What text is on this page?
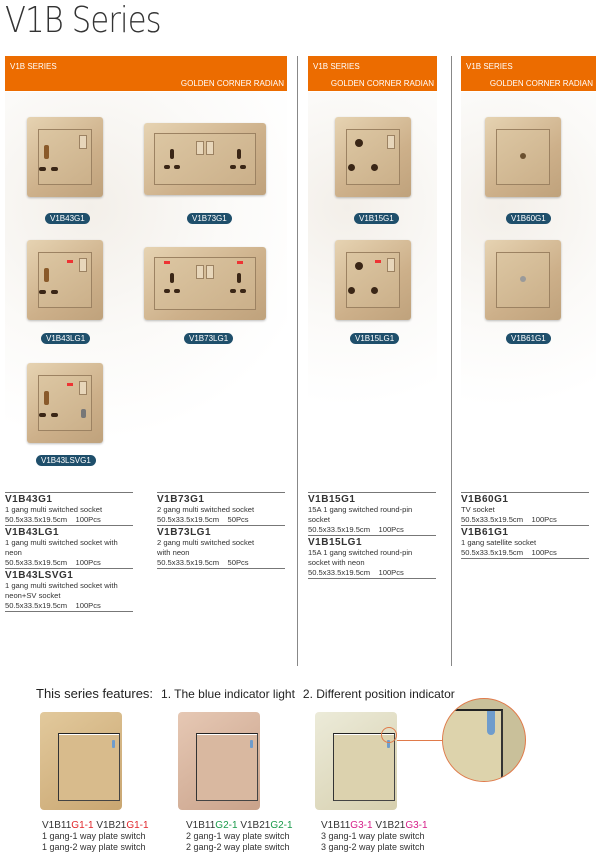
V1B Series
V1B SERIES
GOLDEN CORNER RADIAN
V1B SERIES
GOLDEN CORNER RADIAN
V1B SERIES
GOLDEN CORNER RADIAN
V1B43G1	V1B73G1
V1B43LG1	V1B73LG1
V1B43LSVG1
V1B15G1
V1B15LG1
V1B60G1
V1B61G1
V1B43G1
1 gang multi switched socket
50.5x33.5x19.5cm    100Pcs
V1B43LG1
1 gang multi switched socket with neon
50.5x33.5x19.5cm    100Pcs
V1B43LSVG1
1 gang multi switched socket with neon+SV socket
50.5x33.5x19.5cm    100Pcs
V1B73G1
2 gang multi switched socket
50.5x33.5x19.5cm    50Pcs
V1B73LG1
2 gang multi switched socket with neon
50.5x33.5x19.5cm    50Pcs
V1B15G1
15A 1 gang switched round-pin socket
50.5x33.5x19.5cm    100Pcs
V1B15LG1
15A 1 gang switched round-pin socket with neon
50.5x33.5x19.5cm    100Pcs
V1B60G1
TV socket
50.5x33.5x19.5cm    100Pcs
V1B61G1
1 gang satellite socket
50.5x33.5x19.5cm    100Pcs
This series features: 1. The blue indicator light 2. Different position indicator
V1B11G1-1 V1B21G1-1
1 gang-1 way plate switch
1 gang-2 way plate switch
V1B11G2-1 V1B21G2-1
2 gang-1 way plate switch
2 gang-2 way plate switch
V1B11G3-1 V1B21G3-1
3 gang-1 way plate switch
3 gang-2 way plate switch
